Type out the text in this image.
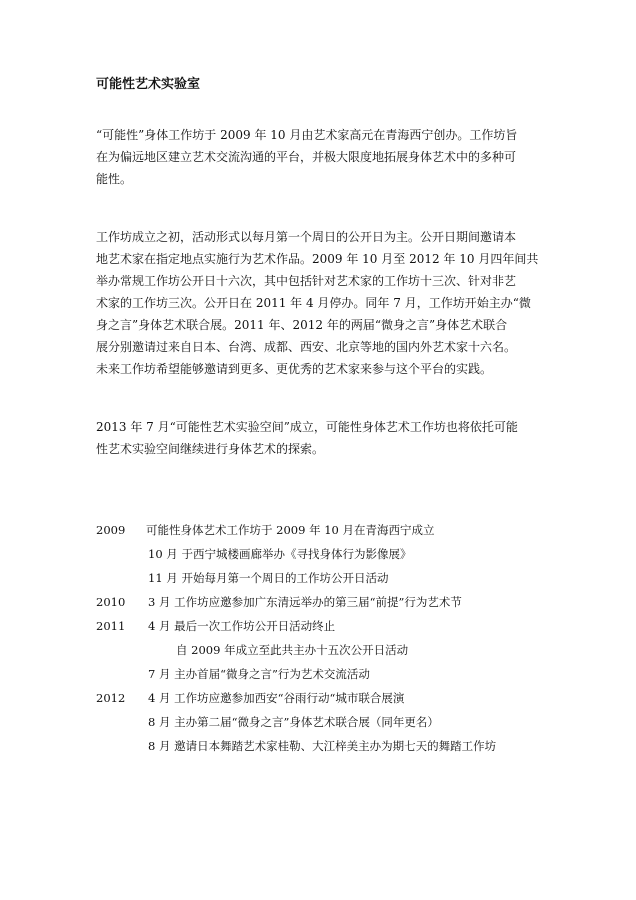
可能性艺术实验室
“可能性”身体工作坊于 2009 年 10 月由艺术家高元在青海西宁创办。工作坊旨
在为偏远地区建立艺术交流沟通的平台，并极大限度地拓展身体艺术中的多种可
能性。
工作坊成立之初，活动形式以每月第一个周日的公开日为主。公开日期间邀请本
地艺术家在指定地点实施行为艺术作品。2009 年 10 月至 2012 年 10 月四年间共
举办常规工作坊公开日十六次，其中包括针对艺术家的工作坊十三次、针对非艺
术家的工作坊三次。公开日在 2011 年 4 月停办。同年 7 月，工作坊开始主办“微
身之言”身体艺术联合展。2011 年、2012 年的两届“微身之言”身体艺术联合
展分别邀请过来自日本、台湾、成都、西安、北京等地的国内外艺术家十六名。
未来工作坊希望能够邀请到更多、更优秀的艺术家来参与这个平台的实践。
2013 年 7 月“可能性艺术实验空间”成立，可能性身体艺术工作坊也将依托可能
性艺术实验空间继续进行身体艺术的探索。
2009 可能性身体艺术工作坊于 2009 年 10 月在青海西宁成立
10 月 于西宁城楼画廊举办《寻找身体行为影像展》
11 月 开始每月第一个周日的工作坊公开日活动
2010 3 月 工作坊应邀参加广东清远举办的第三届“前提”行为艺术节
2011 4 月 最后一次工作坊公开日活动终止
自 2009 年成立至此共主办十五次公开日活动
7 月 主办首届“微身之言”行为艺术交流活动
2012 4 月 工作坊应邀参加西安“谷雨行动“城市联合展演
8 月 主办第二届“微身之言”身体艺术联合展（同年更名）
8 月 邀请日本舞踏艺术家桂勒、大江梓美主办为期七天的舞踏工作坊
